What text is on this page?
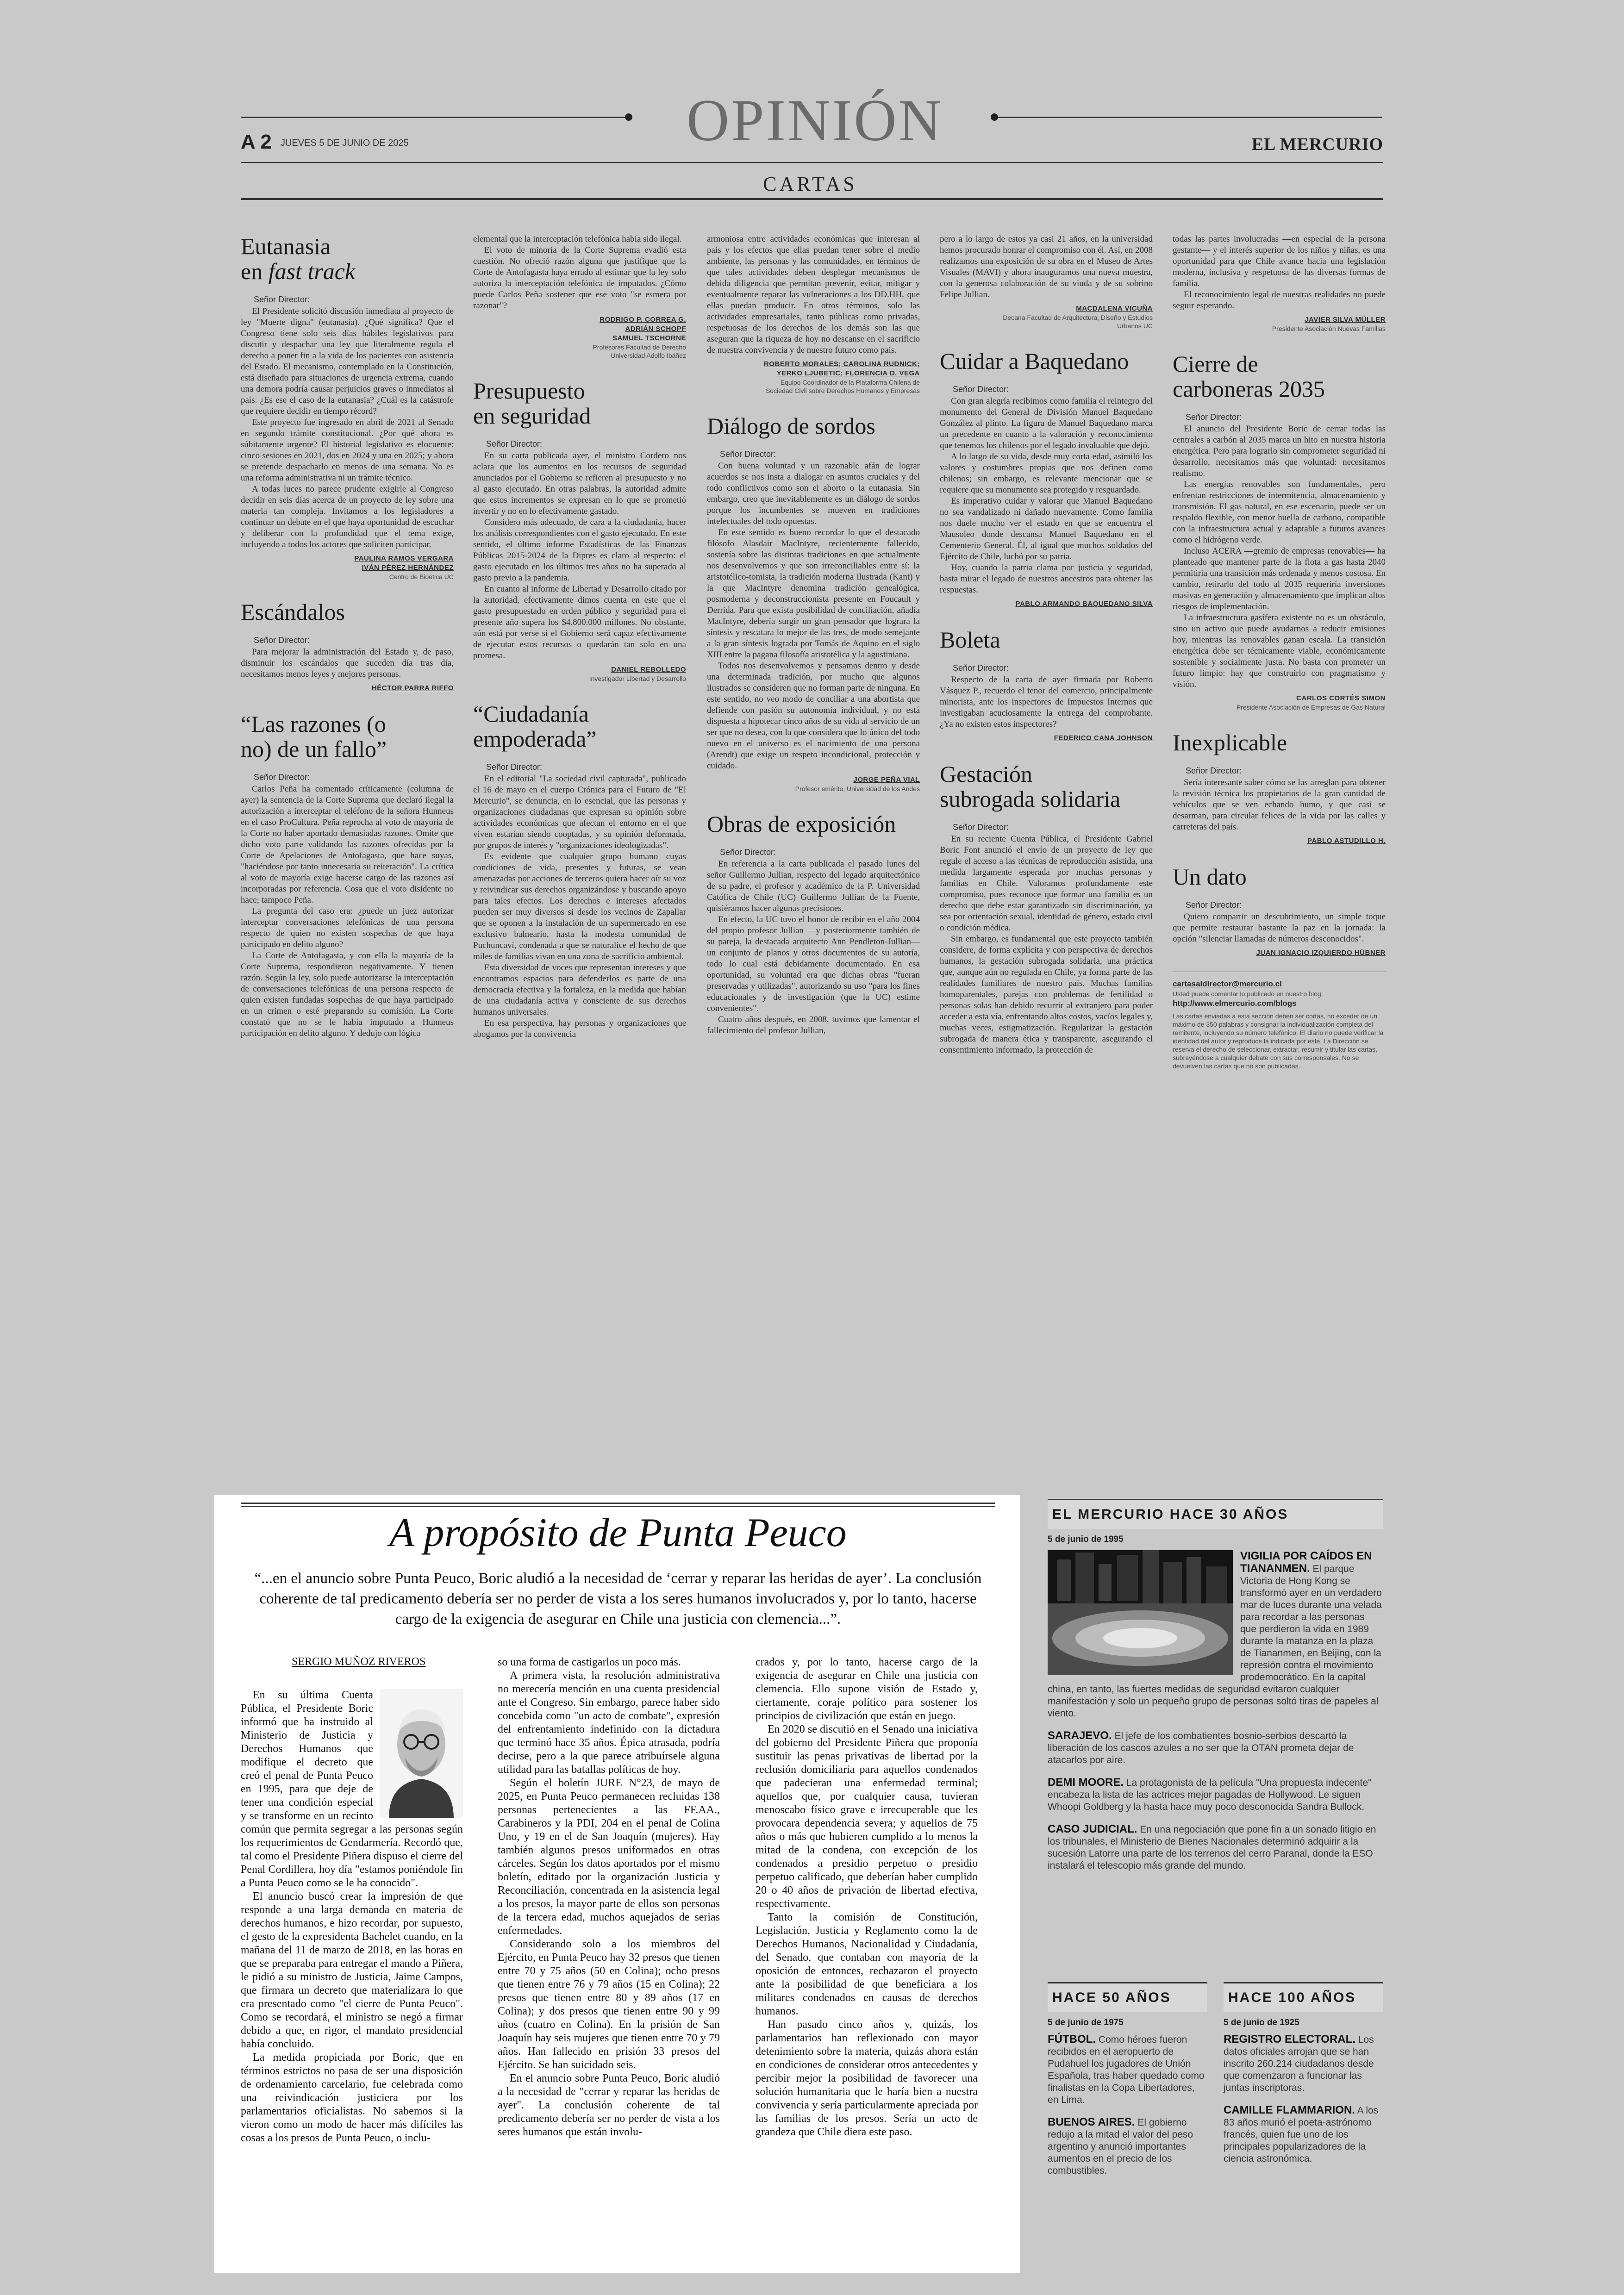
OPINIÓN
A 2 JUEVES 5 DE JUNIO DE 2025	EL MERCURIO
CARTAS
Eutanasia
en fast track
Señor Director:

El Presidente solicitó discusión inmediata al proyecto de ley "Muerte digna" (eutanasia). ¿Qué significa? Que el Congreso tiene solo seis días hábiles legislativos para discutir y despachar una ley que literalmente regula el derecho a poner fin a la vida de los pacientes con asistencia del Estado. El mecanismo, contemplado en la Constitución, está diseñado para situaciones de urgencia extrema, cuando una demora podría causar perjuicios graves o inmediatos al país. ¿Es ese el caso de la eutanasia? ¿Cuál es la catástrofe que requiere decidir en tiempo récord?

Este proyecto fue ingresado en abril de 2021 al Senado en segundo trámite constitucional. ¿Por qué ahora es súbitamente urgente? El historial legislativo es elocuente: cinco sesiones en 2021, dos en 2024 y una en 2025; y ahora se pretende despacharlo en menos de una semana. No es una reforma administrativa ni un trámite técnico.

A todas luces no parece prudente exigirle al Congreso decidir en seis días acerca de un proyecto de ley sobre una materia tan compleja. Invitamos a los legisladores a continuar un debate en el que haya oportunidad de escuchar y deliberar con la profundidad que el tema exige, incluyendo a todos los actores que soliciten participar.

PAULINA RAMOS VERGARA
IVÁN PÉREZ HERNÁNDEZ
Centro de Bioética UC
Escándalos
Señor Director:

Para mejorar la administración del Estado y, de paso, disminuir los escándalos que suceden día tras día, necesitamos menos leyes y mejores personas.

HÉCTOR PARRA RIFFO
“Las razones (o
no) de un fallo”
Señor Director:

Carlos Peña ha comentado críticamente (columna de ayer) la sentencia de la Corte Suprema que declaró ilegal la autorización a interceptar el teléfono de la señora Hunneus en el caso ProCultura. Peña reprocha al voto de mayoría de la Corte no haber aportado demasiadas razones. Omite que dicho voto parte validando las razones ofrecidas por la Corte de Apelaciones de Antofagasta, que hace suyas, "haciéndose por tanto innecesaria su reiteración". La crítica al voto de mayoría exige hacerse cargo de las razones así incorporadas por referencia. Cosa que el voto disidente no hace; tampoco Peña.

La pregunta del caso era: ¿puede un juez autorizar interceptar conversaciones telefónicas de una persona respecto de quien no existen sospechas de que haya participado en delito alguno?

La Corte de Antofagasta, y con ella la mayoría de la Corte Suprema, respondieron negativamente. Y tienen razón. Según la ley, solo puede autorizarse la interceptación de conversaciones telefónicas de una persona respecto de quien existen fundadas sospechas de que haya participado en un crimen o esté preparando su comisión. La Corte constató que no se le había imputado a Hunneus participación en delito alguno. Y dedujo con lógica

elemental que la interceptación telefónica había sido ilegal.

El voto de minoría de la Corte Suprema evadió esta cuestión. No ofreció razón alguna que justifique que la Corte de Antofagasta haya errado al estimar que la ley solo autoriza la interceptación telefónica de imputados. ¿Cómo puede Carlos Peña sostener que ese voto "se esmera por razonar"?

RODRIGO P. CORREA G.
ADRIÁN SCHOPF
SAMUEL TSCHORNE
Profesores Facultad de Derecho
Universidad Adolfo Ibáñez
Presupuesto
en seguridad
Señor Director:

En su carta publicada ayer, el ministro Cordero nos aclara que los aumentos en los recursos de seguridad anunciados por el Gobierno se refieren al presupuesto y no al gasto ejecutado. En otras palabras, la autoridad admite que estos incrementos se expresan en lo que se prometió invertir y no en lo efectivamente gastado.

Considero más adecuado, de cara a la ciudadanía, hacer los análisis correspondientes con el gasto ejecutado. En este sentido, el último informe Estadísticas de las Finanzas Públicas 2015-2024 de la Dipres es claro al respecto: el gasto ejecutado en los últimos tres años no ha superado al gasto previo a la pandemia.

En cuanto al informe de Libertad y Desarrollo citado por la autoridad, efectivamente dimos cuenta en este que el gasto presupuestado en orden público y seguridad para el presente año supera los $4.800.000 millones. No obstante, aún está por verse si el Gobierno será capaz efectivamente de ejecutar estos recursos o quedarán tan solo en una promesa.

DANIEL REBOLLEDO
Investigador Libertad y Desarrollo
“Ciudadanía
empoderada”
Señor Director:

En el editorial "La sociedad civil capturada", publicado el 16 de mayo en el cuerpo Crónica para el Futuro de "El Mercurio", se denuncia, en lo esencial, que las personas y organizaciones ciudadanas que expresan su opinión sobre actividades económicas que afectan el entorno en el que viven estarían siendo cooptadas, y su opinión deformada, por grupos de interés y "organizaciones ideologizadas".

Es evidente que cualquier grupo humano cuyas condiciones de vida, presentes y futuras, se vean amenazadas por acciones de terceros quiera hacer oír su voz y reivindicar sus derechos organizándose y buscando apoyo para tales efectos. Los derechos e intereses afectados pueden ser muy diversos si desde los vecinos de Zapallar que se oponen a la instalación de un supermercado en ese exclusivo balneario, hasta la modesta comunidad de Puchuncaví, condenada a que se naturalice el hecho de que miles de familias vivan en una zona de sacrificio ambiental.

Esta diversidad de voces que representan intereses y que encontramos espacios para defenderlos es parte de una democracia efectiva y la fortaleza, en la medida que habían de una ciudadanía activa y consciente de sus derechos humanos universales.

En esa perspectiva, hay personas y organizaciones que abogamos por la convivencia

armoniosa entre actividades económicas que interesan al país y los efectos que ellas puedan tener sobre el medio ambiente, las personas y las comunidades, en términos de que tales actividades deben desplegar mecanismos de debida diligencia que permitan prevenir, evitar, mitigar y eventualmente reparar las vulneraciones a los DD.HH. que ellas puedan producir. En otros términos, solo las actividades empresariales, tanto públicas como privadas, respetuosas de los derechos de los demás son las que aseguran que la riqueza de hoy no descanse en el sacrificio de nuestra convivencia y de nuestro futuro como país.

ROBERTO MORALES; CAROLINA RUDNICK;
YERKO LJUBETIC; FLORENCIA D. VEGA
Equipo Coordinador de la Plataforma Chilena de
Sociedad Civil sobre Derechos Humanos y Empresas
Diálogo de sordos
Señor Director:

Con buena voluntad y un razonable afán de lograr acuerdos se nos insta a dialogar en asuntos cruciales y del todo conflictivos como son el aborto o la eutanasia. Sin embargo, creo que inevitablemente es un diálogo de sordos porque los incumbentes se mueven en tradiciones intelectuales del todo opuestas.

En este sentido es bueno recordar lo que el destacado filósofo Alasdair MacIntyre, recientemente fallecido, sostenía sobre las distintas tradiciones en que actualmente nos desenvolvemos y que son irreconciliables entre sí: la aristotélico-tomista, la tradición moderna ilustrada (Kant) y la que MacIntyre denomina tradición genealógica, posmoderna y deconstruccionista presente en Foucault y Derrida. Para que exista posibilidad de conciliación, añadía MacIntyre, debería surgir un gran pensador que lograra la síntesis y rescatara lo mejor de las tres, de modo semejante a la gran síntesis lograda por Tomás de Aquino en el siglo XIII entre la pagana filosofía aristotélica y la agustiniana.

Todos nos desenvolvemos y pensamos dentro y desde una determinada tradición, por mucho que algunos ilustrados se consideren que no forman parte de ninguna. En este sentido, no veo modo de conciliar a una abortista que defiende con pasión su autonomía individual, y no está dispuesta a hipotecar cinco años de su vida al servicio de un ser que no desea, con la que considera que lo único del todo nuevo en el universo es el nacimiento de una persona (Arendt) que exige un respeto incondicional, protección y cuidado.

JORGE PEÑA VIAL
Profesor emérito, Universidad de los Andes
Obras de exposición
Señor Director:

En referencia a la carta publicada el pasado lunes del señor Guillermo Jullian, respecto del legado arquitectónico de su padre, el profesor y académico de la P. Universidad Católica de Chile (UC) Guillermo Jullian de la Fuente, quisiéramos hacer algunas precisiones.

En efecto, la UC tuvo el honor de recibir en el año 2004 del propio profesor Jullian —y posteriormente también de su pareja, la destacada arquitecto Ann Pendleton-Jullian— un conjunto de planos y otros documentos de su autoría, todo lo cual está debidamente documentado. En esa oportunidad, su voluntad era que dichas obras "fueran preservadas y utilizadas", autorizando su uso "para los fines educacionales y de investigación (que la UC) estime convenientes".

Cuatro años después, en 2008, tuvimos que lamentar el fallecimiento del profesor Jullian,

pero a lo largo de estos ya casi 21 años, en la universidad hemos procurado honrar el compromiso con él. Así, en 2008 realizamos una exposición de su obra en el Museo de Artes Visuales (MAVI) y ahora inauguramos una nueva muestra, con la generosa colaboración de su viuda y de su sobrino Felipe Jullian.

MACDALENA VICUÑA
Decana Facultad de Arquitectura, Diseño y Estudios
Urbanos UC
Cuidar a Baquedano
Señor Director:

Con gran alegría recibimos como familia el reintegro del monumento del General de División Manuel Baquedano González al plinto. La figura de Manuel Baquedano marca un precedente en cuanto a la valoración y reconocimiento que tenemos los chilenos por el legado invaluable que dejó.

A lo largo de su vida, desde muy corta edad, asimiló los valores y costumbres propias que nos definen como chilenos; sin embargo, es relevante mencionar que se requiere que su monumento sea protegido y resguardado.

Es imperativo cuidar y valorar que Manuel Baquedano no sea vandalizado ni dañado nuevamente. Como familia nos duele mucho ver el estado en que se encuentra el Mausoleo donde descansa Manuel Baquedano en el Cementerio General. Él, al igual que muchos soldados del Ejército de Chile, luchó por su patria.

Hoy, cuando la patria clama por justicia y seguridad, basta mirar el legado de nuestros ancestros para obtener las respuestas.

PABLO ARMANDO BAQUEDANO SILVA
Boleta
Señor Director:

Respecto de la carta de ayer firmada por Roberto Vásquez P., recuerdo el tenor del comercio, principalmente minorista, ante los inspectores de Impuestos Internos que investigaban acuciosamente la entrega del comprobante. ¿Ya no existen estos inspectores?

FEDERICO CANA JOHNSON
Gestación
subrogada solidaria
Señor Director:

En su reciente Cuenta Pública, el Presidente Gabriel Boric Font anunció el envío de un proyecto de ley que regule el acceso a las técnicas de reproducción asistida, una medida largamente esperada por muchas personas y familias en Chile. Valoramos profundamente este compromiso, pues reconoce que formar una familia es un derecho que debe estar garantizado sin discriminación, ya sea por orientación sexual, identidad de género, estado civil o condición médica.

Sin embargo, es fundamental que este proyecto también considere, de forma explícita y con perspectiva de derechos humanos, la gestación subrogada solidaria, una práctica que, aunque aún no regulada en Chile, ya forma parte de las realidades familiares de nuestro país. Muchas familias homoparentales, parejas con problemas de fertilidad o personas solas han debido recurrir al extranjero para poder acceder a esta vía, enfrentando altos costos, vacíos legales y, muchas veces, estigmatización. Regularizar la gestación subrogada de manera ética y transparente, asegurando el consentimiento informado, la protección de

todas las partes involucradas —en especial de la persona gestante— y el interés superior de los niños y niñas, es una oportunidad para que Chile avance hacia una legislación moderna, inclusiva y respetuosa de las diversas formas de familia.

El reconocimiento legal de nuestras realidades no puede seguir esperando.

JAVIER SILVA MÜLLER
Presidente Asociación Nuevas Familias
Cierre de
carboneras 2035
Señor Director:

El anuncio del Presidente Boric de cerrar todas las centrales a carbón al 2035 marca un hito en nuestra historia energética. Pero para lograrlo sin comprometer seguridad ni desarrollo, necesitamos más que voluntad: necesitamos realismo.

Las energías renovables son fundamentales, pero enfrentan restricciones de intermitencia, almacenamiento y transmisión. El gas natural, en ese escenario, puede ser un respaldo flexible, con menor huella de carbono, compatible con la infraestructura actual y adaptable a futuros avances como el hidrógeno verde.

Incluso ACERA —gremio de empresas renovables— ha planteado que mantener parte de la flota a gas hasta 2040 permitiría una transición más ordenada y menos costosa. En cambio, retirarlo del todo al 2035 requeriría inversiones masivas en generación y almacenamiento que implican altos riesgos de implementación.

La infraestructura gasífera existente no es un obstáculo, sino un activo que puede ayudarnos a reducir emisiones hoy, mientras las renovables ganan escala. La transición energética debe ser técnicamente viable, económicamente sostenible y socialmente justa. No basta con prometer un futuro limpio: hay que construirlo con pragmatismo y visión.

CARLOS CORTÉS SIMON
Presidente Asociación de Empresas de Gas Natural
Inexplicable
Señor Director:

Sería interesante saber cómo se las arreglan para obtener la revisión técnica los propietarios de la gran cantidad de vehículos que se ven echando humo, y que casi se desarman, para circular felices de la vida por las calles y carreteras del país.

PABLO ASTUDILLO H.
Un dato
Señor Director:

Quiero compartir un descubrimiento, un simple toque que permite restaurar bastante la paz en la jornada: la opción "silenciar llamadas de números desconocidos".

JUAN IGNACIO IZQUIERDO HÜBNER
cartasaldirector@mercurio.cl
Usted puede comentar lo publicado en nuestro blog:
http://www.elmercurio.com/blogs
Las cartas enviadas a esta sección deben ser cortas, no exceder de un máximo de 350 palabras y consignar la individualización completa del remitente, incluyendo su número telefónico. El diario no puede verificar la identidad del autor y reproduce la indicada por este. La Dirección se reserva el derecho de seleccionar, extractar, resumir y titular las cartas, subrayéndose a cualquier debate con sus corresponsales. No se devuelven las cartas que no son publicadas.
A propósito de Punta Peuco
“...en el anuncio sobre Punta Peuco, Boric aludió a la necesidad de ‘cerrar y reparar las heridas de ayer’. La conclusión coherente de tal predicamento debería ser no perder de vista a los seres humanos involucrados y, por lo tanto, hacerse cargo de la exigencia de asegurar en Chile una justicia con clemencia...”.
SERGIO MUÑOZ RIVEROS

En su última Cuenta Pública, el Presidente Boric informó que ha instruido al Ministerio de Justicia y Derechos Humanos que modifique el decreto que creó el penal de Punta Peuco en 1995, para que deje de tener una condición especial y se transforme en un recinto común que permita segregar a las personas según los requerimientos de Gendarmería. Recordó que, tal como el Presidente Piñera dispuso el cierre del Penal Cordillera, hoy día "estamos poniéndole fin a Punta Peuco como se le ha conocido".

El anuncio buscó crear la impresión de que responde a una larga demanda en materia de derechos humanos, e hizo recordar, por supuesto, el gesto de la expresidenta Bachelet cuando, en la mañana del 11 de marzo de 2018, en las horas en que se preparaba para entregar el mando a Piñera, le pidió a su ministro de Justicia, Jaime Campos, que firmara un decreto que materializara lo que era presentado como "el cierre de Punta Peuco". Como se recordará, el ministro se negó a firmar debido a que, en rigor, el mandato presidencial había concluido.

La medida propiciada por Boric, que en términos estrictos no pasa de ser una disposición de ordenamiento carcelario, fue celebrada como una reivindicación justiciera por los parlamentarios oficialistas. No sabemos si la vieron como un modo de hacer más difíciles las cosas a los presos de Punta Peuco, o inclu-

so una forma de castigarlos un poco más.

A primera vista, la resolución administrativa no merecería mención en una cuenta presidencial ante el Congreso. Sin embargo, parece haber sido concebida como "un acto de combate", expresión del enfrentamiento indefinido con la dictadura que terminó hace 35 años. Épica atrasada, podría decirse, pero a la que parece atribuírsele alguna utilidad para las batallas políticas de hoy.

Según el boletín JURE N°23, de mayo de 2025, en Punta Peuco permanecen recluidas 138 personas pertenecientes a las FF.AA., Carabineros y la PDI, 204 en el penal de Colina Uno, y 19 en el de San Joaquín (mujeres). Hay también algunos presos uniformados en otras cárceles. Según los datos aportados por el mismo boletín, editado por la organización Justicia y Reconciliación, concentrada en la asistencia legal a los presos, la mayor parte de ellos son personas de la tercera edad, muchos aquejados de serias enfermedades.

Considerando solo a los miembros del Ejército, en Punta Peuco hay 32 presos que tienen entre 70 y 75 años (50 en Colina); ocho presos que tienen entre 76 y 79 años (15 en Colina); 22 presos que tienen entre 80 y 89 años (17 en Colina); y dos presos que tienen entre 90 y 99 años (cuatro en Colina). En la prisión de San Joaquín hay seis mujeres que tienen entre 70 y 79 años. Han fallecido en prisión 33 presos del Ejército. Se han suicidado seis.

En el anuncio sobre Punta Peuco, Boric aludió a la necesidad de "cerrar y reparar las heridas de ayer". La conclusión coherente de tal predicamento debería ser no perder de vista a los seres humanos que están involu-

crados y, por lo tanto, hacerse cargo de la exigencia de asegurar en Chile una justicia con clemencia. Ello supone visión de Estado y, ciertamente, coraje político para sostener los principios de civilización que están en juego.

En 2020 se discutió en el Senado una iniciativa del gobierno del Presidente Piñera que proponía sustituir las penas privativas de libertad por la reclusión domiciliaria para aquellos condenados que padecieran una enfermedad terminal; aquellos que, por cualquier causa, tuvieran menoscabo físico grave e irrecuperable que les provocara dependencia severa; y aquellos de 75 años o más que hubieren cumplido a lo menos la mitad de la condena, con excepción de los condenados a presidio perpetuo o presidio perpetuo calificado, que deberían haber cumplido 20 o 40 años de privación de libertad efectiva, respectivamente.

Tanto la comisión de Constitución, Legislación, Justicia y Reglamento como la de Derechos Humanos, Nacionalidad y Ciudadanía, del Senado, que contaban con mayoría de la oposición de entonces, rechazaron el proyecto ante la posibilidad de que beneficiara a los militares condenados en causas de derechos humanos.

Han pasado cinco años y, quizás, los parlamentarios han reflexionado con mayor detenimiento sobre la materia, quizás ahora están en condiciones de considerar otros antecedentes y percibir mejor la posibilidad de favorecer una solución humanitaria que le haría bien a nuestra convivencia y sería particularmente apreciada por las familias de los presos. Sería un acto de grandeza que Chile diera este paso.

EL MERCURIO HACE 30 AÑOS
5 de junio de 1995
VIGILIA POR CAÍDOS EN TIANANMEN. El parque Victoria de Hong Kong se transformó ayer en un verdadero mar de luces durante una velada para recordar a las personas que perdieron la vida en 1989 durante la matanza en la plaza de Tiananmen, en Beijing, con la represión contra el movimiento prodemocrático. En la capital china, en tanto, las fuertes medidas de seguridad evitaron cualquier manifestación y solo un pequeño grupo de personas soltó tiras de papeles al viento.
SARAJEVO. El jefe de los combatientes bosnio-serbios descartó la liberación de los cascos azules a no ser que la OTAN prometa dejar de atacarlos por aire.
DEMI MOORE. La protagonista de la película "Una propuesta indecente" encabeza la lista de las actrices mejor pagadas de Hollywood. Le siguen Whoopi Goldberg y la hasta hace muy poco desconocida Sandra Bullock.
CASO JUDICIAL. En una negociación que pone fin a un sonado litigio en los tribunales, el Ministerio de Bienes Nacionales determinó adquirir a la sucesión Latorre una parte de los terrenos del cerro Paranal, donde la ESO instalará el telescopio más grande del mundo.
HACE 50 AÑOS
5 de junio de 1975
FÚTBOL. Como héroes fueron recibidos en el aeropuerto de Pudahuel los jugadores de Unión Española, tras haber quedado como finalistas en la Copa Libertadores, en Lima.
BUENOS AIRES. El gobierno redujo a la mitad el valor del peso argentino y anunció importantes aumentos en el precio de los combustibles.
HACE 100 AÑOS
5 de junio de 1925
REGISTRO ELECTORAL. Los datos oficiales arrojan que se han inscrito 260.214 ciudadanos desde que comenzaron a funcionar las juntas inscriptoras.
CAMILLE FLAMMARION. A los 83 años murió el poeta-astrónomo francés, quien fue uno de los principales popularizadores de la ciencia astronómica.
